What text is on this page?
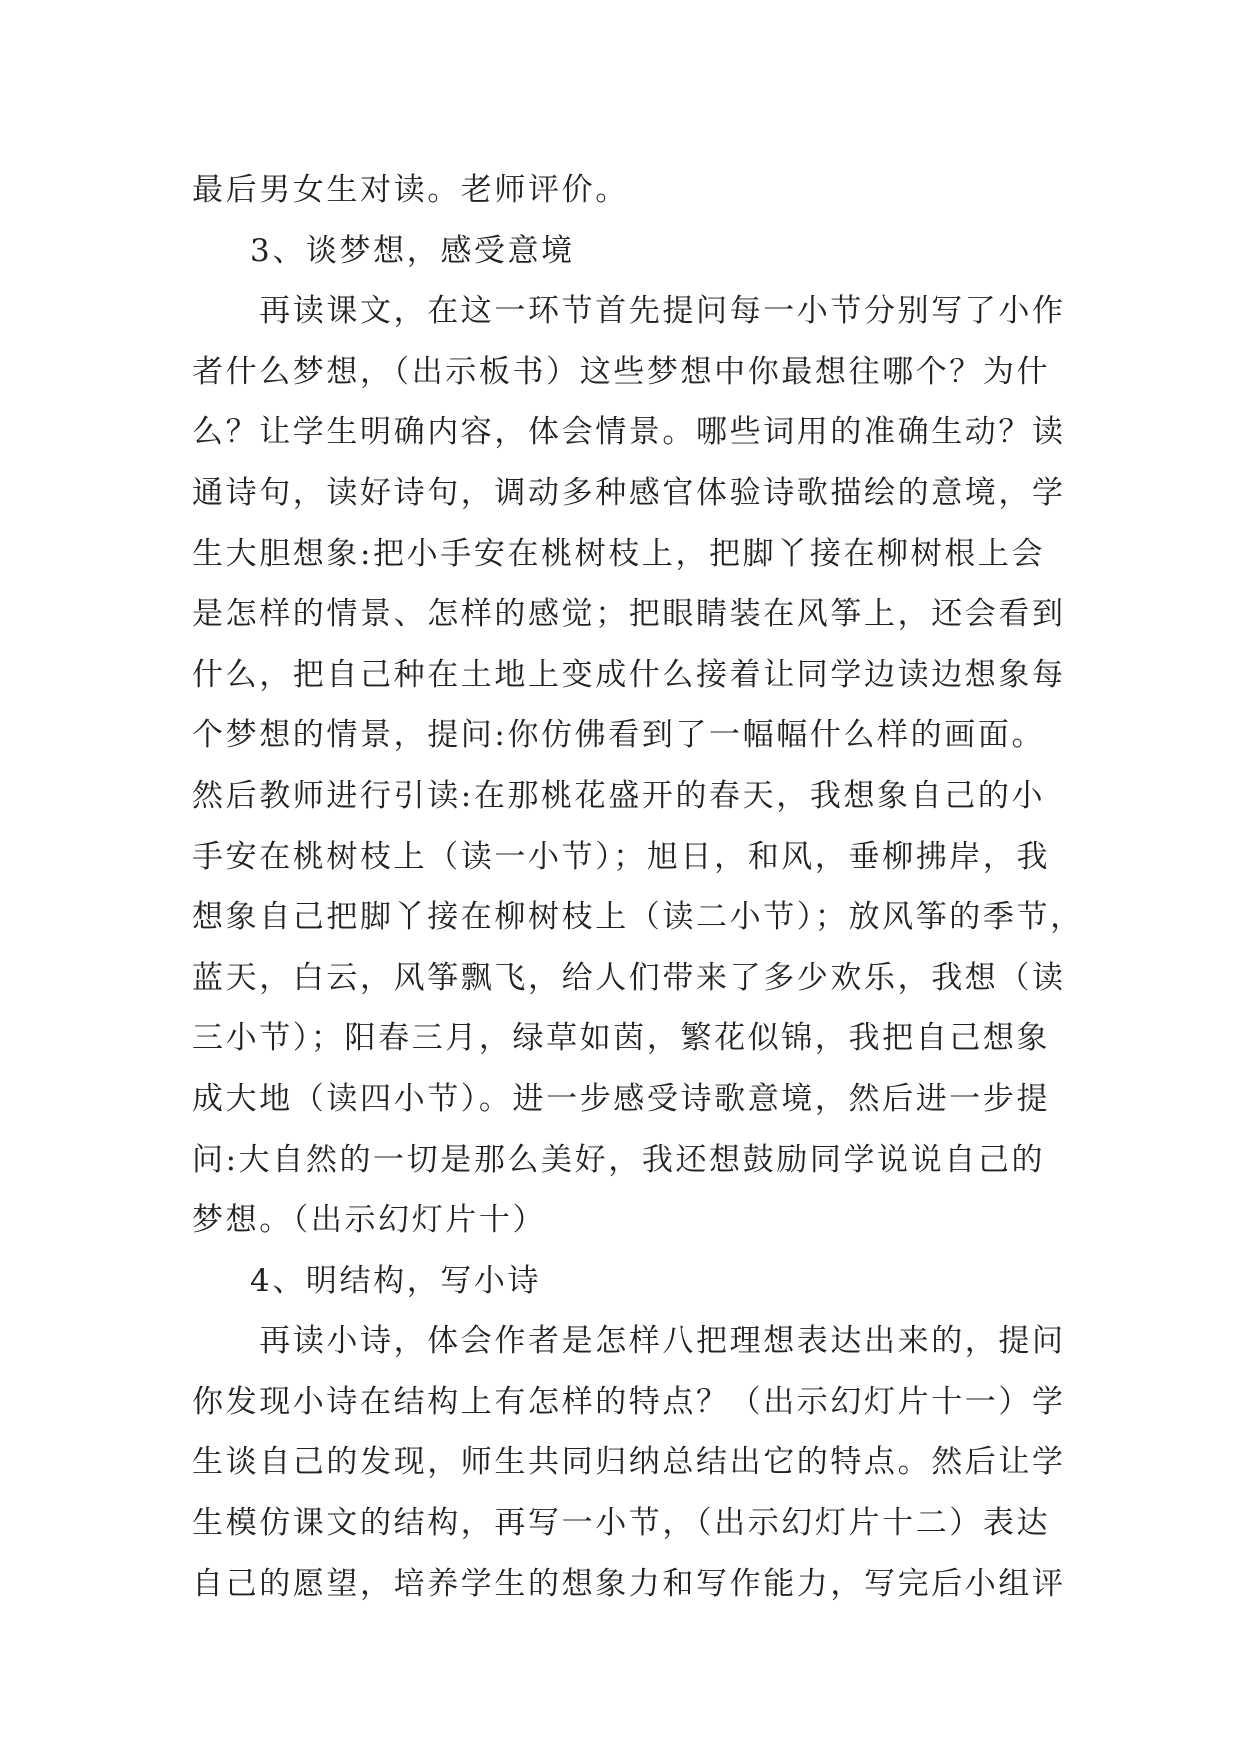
最后男女生对读。老师评价。
3、谈梦想，感受意境
　　再读课文，在这一环节首先提问每一小节分别写了小作
者什么梦想，（出示板书）这些梦想中你最想往哪个？为什
么？让学生明确内容，体会情景。哪些词用的准确生动？读
通诗句，读好诗句，调动多种感官体验诗歌描绘的意境，学
生大胆想象:把小手安在桃树枝上，把脚丫接在柳树根上会
是怎样的情景、怎样的感觉；把眼睛装在风筝上，还会看到
什么，把自己种在土地上变成什么接着让同学边读边想象每
个梦想的情景，提问:你仿佛看到了一幅幅什么样的画面。
然后教师进行引读:在那桃花盛开的春天，我想象自己的小
手安在桃树枝上（读一小节）；旭日，和风，垂柳拂岸，我
想象自己把脚丫接在柳树枝上（读二小节）；放风筝的季节，
蓝天，白云，风筝飘飞，给人们带来了多少欢乐，我想（读
三小节）；阳春三月，绿草如茵，繁花似锦，我把自己想象
成大地（读四小节）。进一步感受诗歌意境，然后进一步提
问:大自然的一切是那么美好，我还想鼓励同学说说自己的
梦想。（出示幻灯片十）
4、明结构，写小诗
　　再读小诗，体会作者是怎样八把理想表达出来的，提问
你发现小诗在结构上有怎样的特点？（出示幻灯片十一）学
生谈自己的发现，师生共同归纳总结出它的特点。然后让学
生模仿课文的结构，再写一小节，（出示幻灯片十二）表达
自己的愿望，培养学生的想象力和写作能力，写完后小组评
